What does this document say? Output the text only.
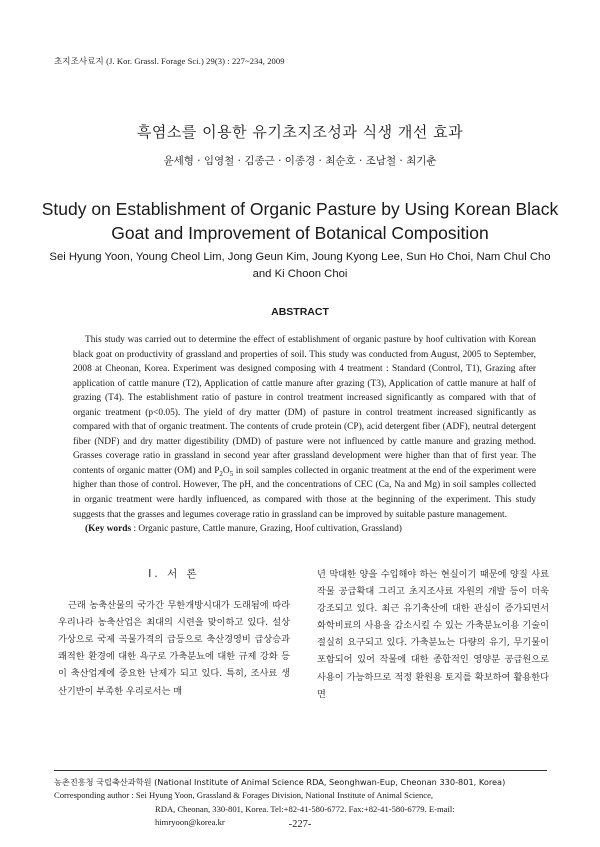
초지조사료지 (J. Kor. Grassl. Forage Sci.) 29(3) : 227~234, 2009
흑염소를 이용한 유기초지조성과 식생 개선 효과
윤세형 · 임영철 · 김종근 · 이종경 · 최순호 · 조남철 · 최기춘
Study on Establishment of Organic Pasture by Using Korean Black Goat and Improvement of Botanical Composition
Sei Hyung Yoon, Young Cheol Lim, Jong Geun Kim, Joung Kyong Lee, Sun Ho Choi, Nam Chul Cho and Ki Choon Choi
ABSTRACT

This study was carried out to determine the effect of establishment of organic pasture by hoof cultivation with Korean black goat on productivity of grassland and properties of soil. This study was conducted from August, 2005 to September, 2008 at Cheonan, Korea. Experiment was designed composing with 4 treatment : Standard (Control, T1), Grazing after application of cattle manure (T2), Application of cattle manure after grazing (T3), Application of cattle manure at half of grazing (T4). The establishment ratio of pasture in control treatment increased significantly as compared with that of organic treatment (p<0.05). The yield of dry matter (DM) of pasture in control treatment increased significantly as compared with that of organic treatment. The contents of crude protein (CP), acid detergent fiber (ADF), neutral detergent fiber (NDF) and dry matter digestibility (DMD) of pasture were not influenced by cattle manure and grazing method. Grasses coverage ratio in grassland in second year after grassland development were higher than that of first year. The contents of organic matter (OM) and $P_2O_5$ in soil samples collected in organic treatment at the end of the experiment were higher than those of control. However, The pH, and the concentrations of CEC (Ca, Na and Mg) in soil samples collected in organic treatment were hardly influenced, as compared with those at the beginning of the experiment. This study suggests that the grasses and legumes coverage ratio in grassland can be improved by suitable pasture management.

(Key words : Organic pasture, Cattle manure, Grazing, Hoof cultivation, Grassland)

I. 서 론

근래 농축산물의 국가간 무한개방시대가 도래됨에 따라 우리나라 농축산업은 최대의 시련을 맞이하고 있다. 설상가상으로 국제 곡물가격의 급등으로 축산경영비 급상승과 쾌적한 환경에 대한 욕구로 가축분뇨에 대한 규제 강화 등이 축산업계에 중요한 난제가 되고 있다. 특히, 조사료 생산기반이 부족한 우리로서는 매

년 막대한 양을 수입해야 하는 현실이기 때문에 양질 사료작물 공급확대 그리고 초지조사료 자원의 개발 등이 더욱 강조되고 있다. 최근 유기축산에 대한 관심이 증가되면서 화학비료의 사용을 감소시킬 수 있는 가축분뇨이용 기술이 절실히 요구되고 있다. 가축분뇨는 다량의 유기, 무기물이 포함되어 있어 작물에 대한 종합적인 영양분 공급원으로 사용이 가능하므로 적정 환원용 토지를 확보하여 활용한다면

농촌진흥청 국립축산과학원 (National Institute of Animal Science RDA, Seonghwan-Eup, Cheonan 330-801, Korea)
Corresponding author : Sei Hyung Yoon, Grassland & Forages Division, National Institute of Animal Science,
RDA, Cheonan, 330-801, Korea. Tel:+82-41-580-6772. Fax:+82-41-580-6779. E-mail:
himryoon@korea.kr	-227-
